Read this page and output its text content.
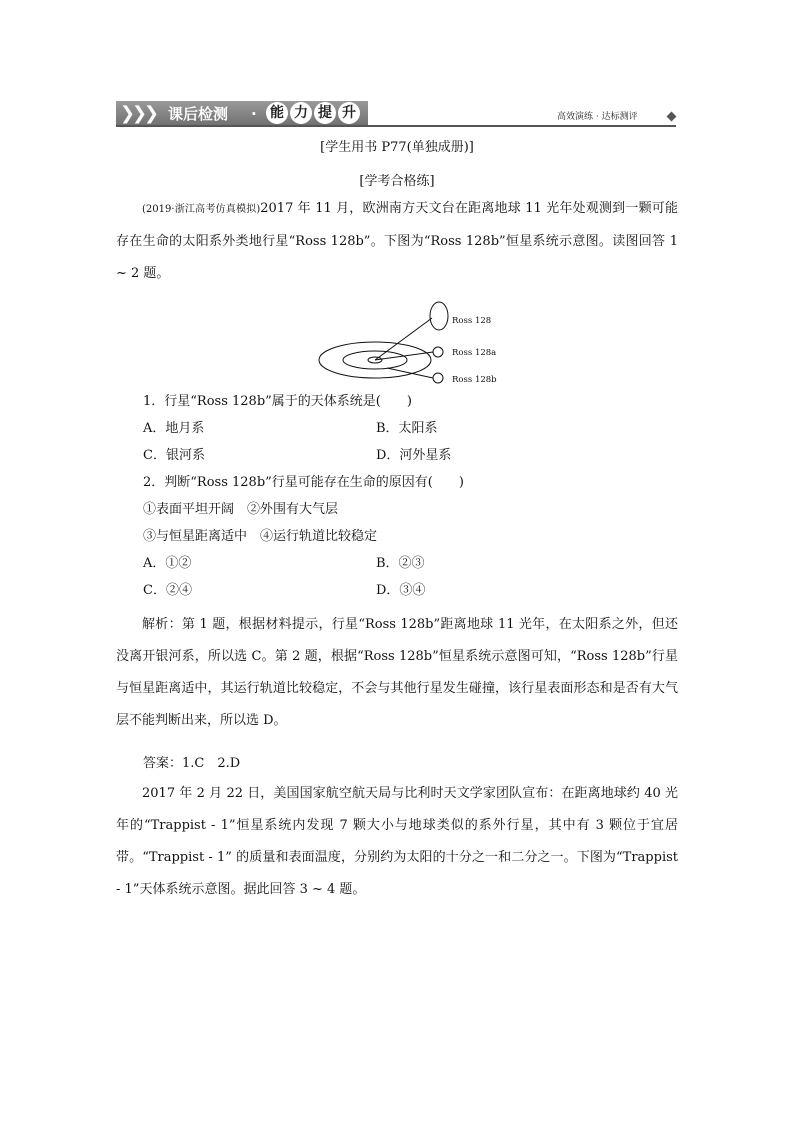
❯
❯
❯ 课后检测 · 能 力 提 升	高效演练 · 达标测评
[学生用书 P77(单独成册)]
[学考合格练]
(2019·浙江高考仿真模拟)2017 年 11 月，欧洲南方天文台在距离地球 11 光年处观测到一颗可能存在生命的太阳系外类地行星“Ross 128b”。下图为“Ross 128b”恒星系统示意图。读图回答 1 ~ 2 题。
Ross 128
Ross 128a
Ross 128b
1．行星“Ross 128b”属于的天体系统是(　　)
A．地月系	B．太阳系
C．银河系	D．河外星系
2．判断“Ross 128b”行星可能存在生命的原因有(　　)
①表面平坦开阔　②外围有大气层
③与恒星距离适中　④运行轨道比较稳定
A．①②	B．②③
C．②④	D．③④
解析：第 1 题，根据材料提示，行星“Ross 128b”距离地球 11 光年，在太阳系之外，但还没离开银河系，所以选 C。第 2 题，根据“Ross 128b”恒星系统示意图可知，“Ross 128b”行星与恒星距离适中，其运行轨道比较稳定，不会与其他行星发生碰撞，该行星表面形态和是否有大气层不能判断出来，所以选 D。
答案：1.C　2.D
2017 年 2 月 22 日，美国国家航空航天局与比利时天文学家团队宣布：在距离地球约 40 光年的“Trappist - 1”恒星系统内发现 7 颗大小与地球类似的系外行星，其中有 3 颗位于宜居带。“Trappist - 1” 的质量和表面温度，分别约为太阳的十分之一和二分之一。下图为“Trappist - 1”天体系统示意图。据此回答 3 ~ 4 题。
